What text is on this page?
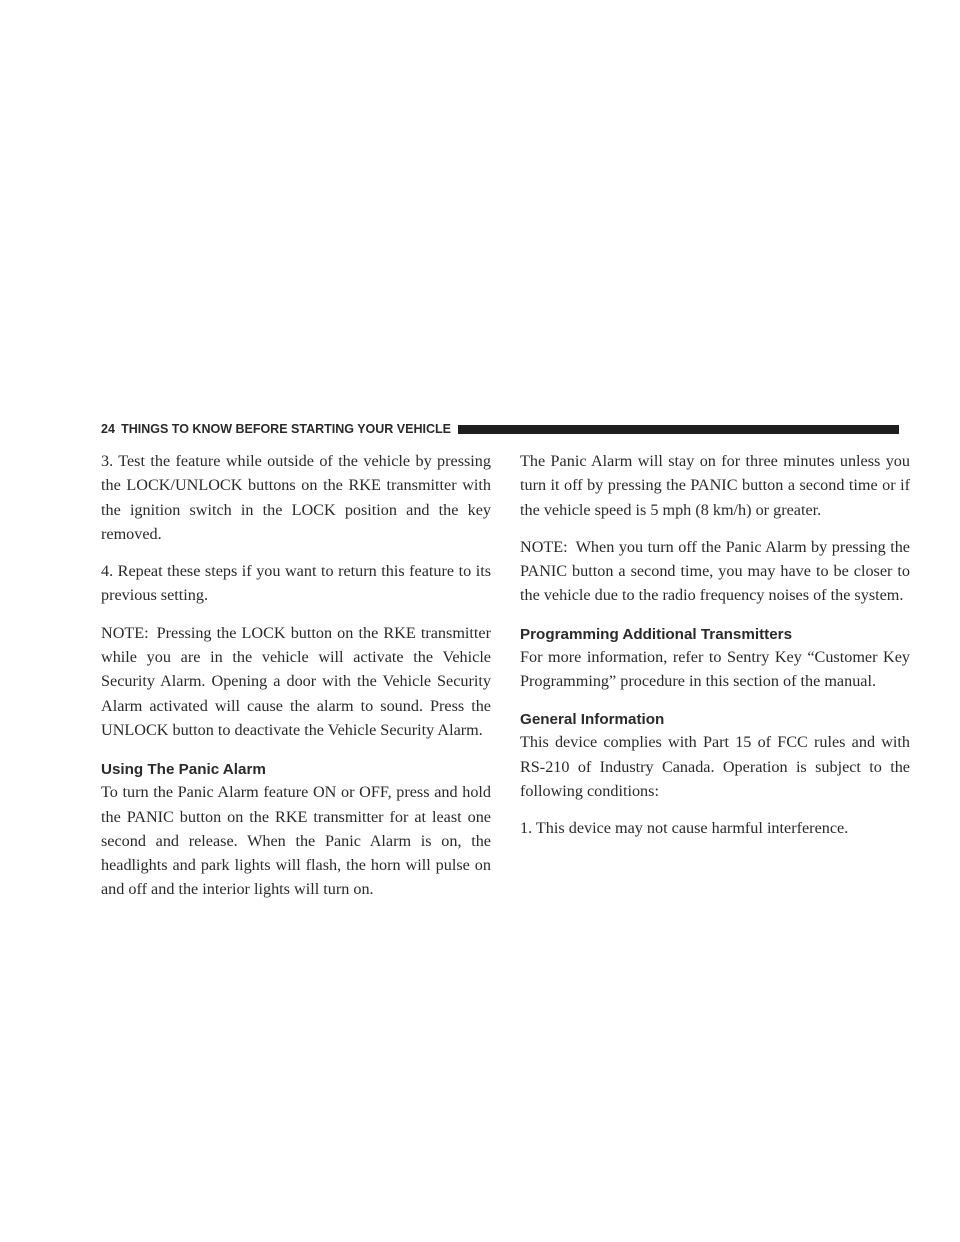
24 THINGS TO KNOW BEFORE STARTING YOUR VEHICLE

3. Test the feature while outside of the vehicle by pressing the LOCK/UNLOCK buttons on the RKE transmitter with the ignition switch in the LOCK position and the key removed.

4. Repeat these steps if you want to return this feature to its previous setting.

NOTE: Pressing the LOCK button on the RKE transmitter while you are in the vehicle will activate the Vehicle Security Alarm. Opening a door with the Vehicle Security Alarm activated will cause the alarm to sound. Press the UNLOCK button to deactivate the Vehicle Security Alarm.

Using The Panic Alarm

To turn the Panic Alarm feature ON or OFF, press and hold the PANIC button on the RKE transmitter for at least one second and release. When the Panic Alarm is on, the headlights and park lights will flash, the horn will pulse on and off and the interior lights will turn on.

The Panic Alarm will stay on for three minutes unless you turn it off by pressing the PANIC button a second time or if the vehicle speed is 5 mph (8 km/h) or greater.

NOTE: When you turn off the Panic Alarm by pressing the PANIC button a second time, you may have to be closer to the vehicle due to the radio frequency noises of the system.

Programming Additional Transmitters

For more information, refer to Sentry Key “Customer Key Programming” procedure in this section of the manual.

General Information

This device complies with Part 15 of FCC rules and with RS-210 of Industry Canada. Operation is subject to the following conditions:

1. This device may not cause harmful interference.
